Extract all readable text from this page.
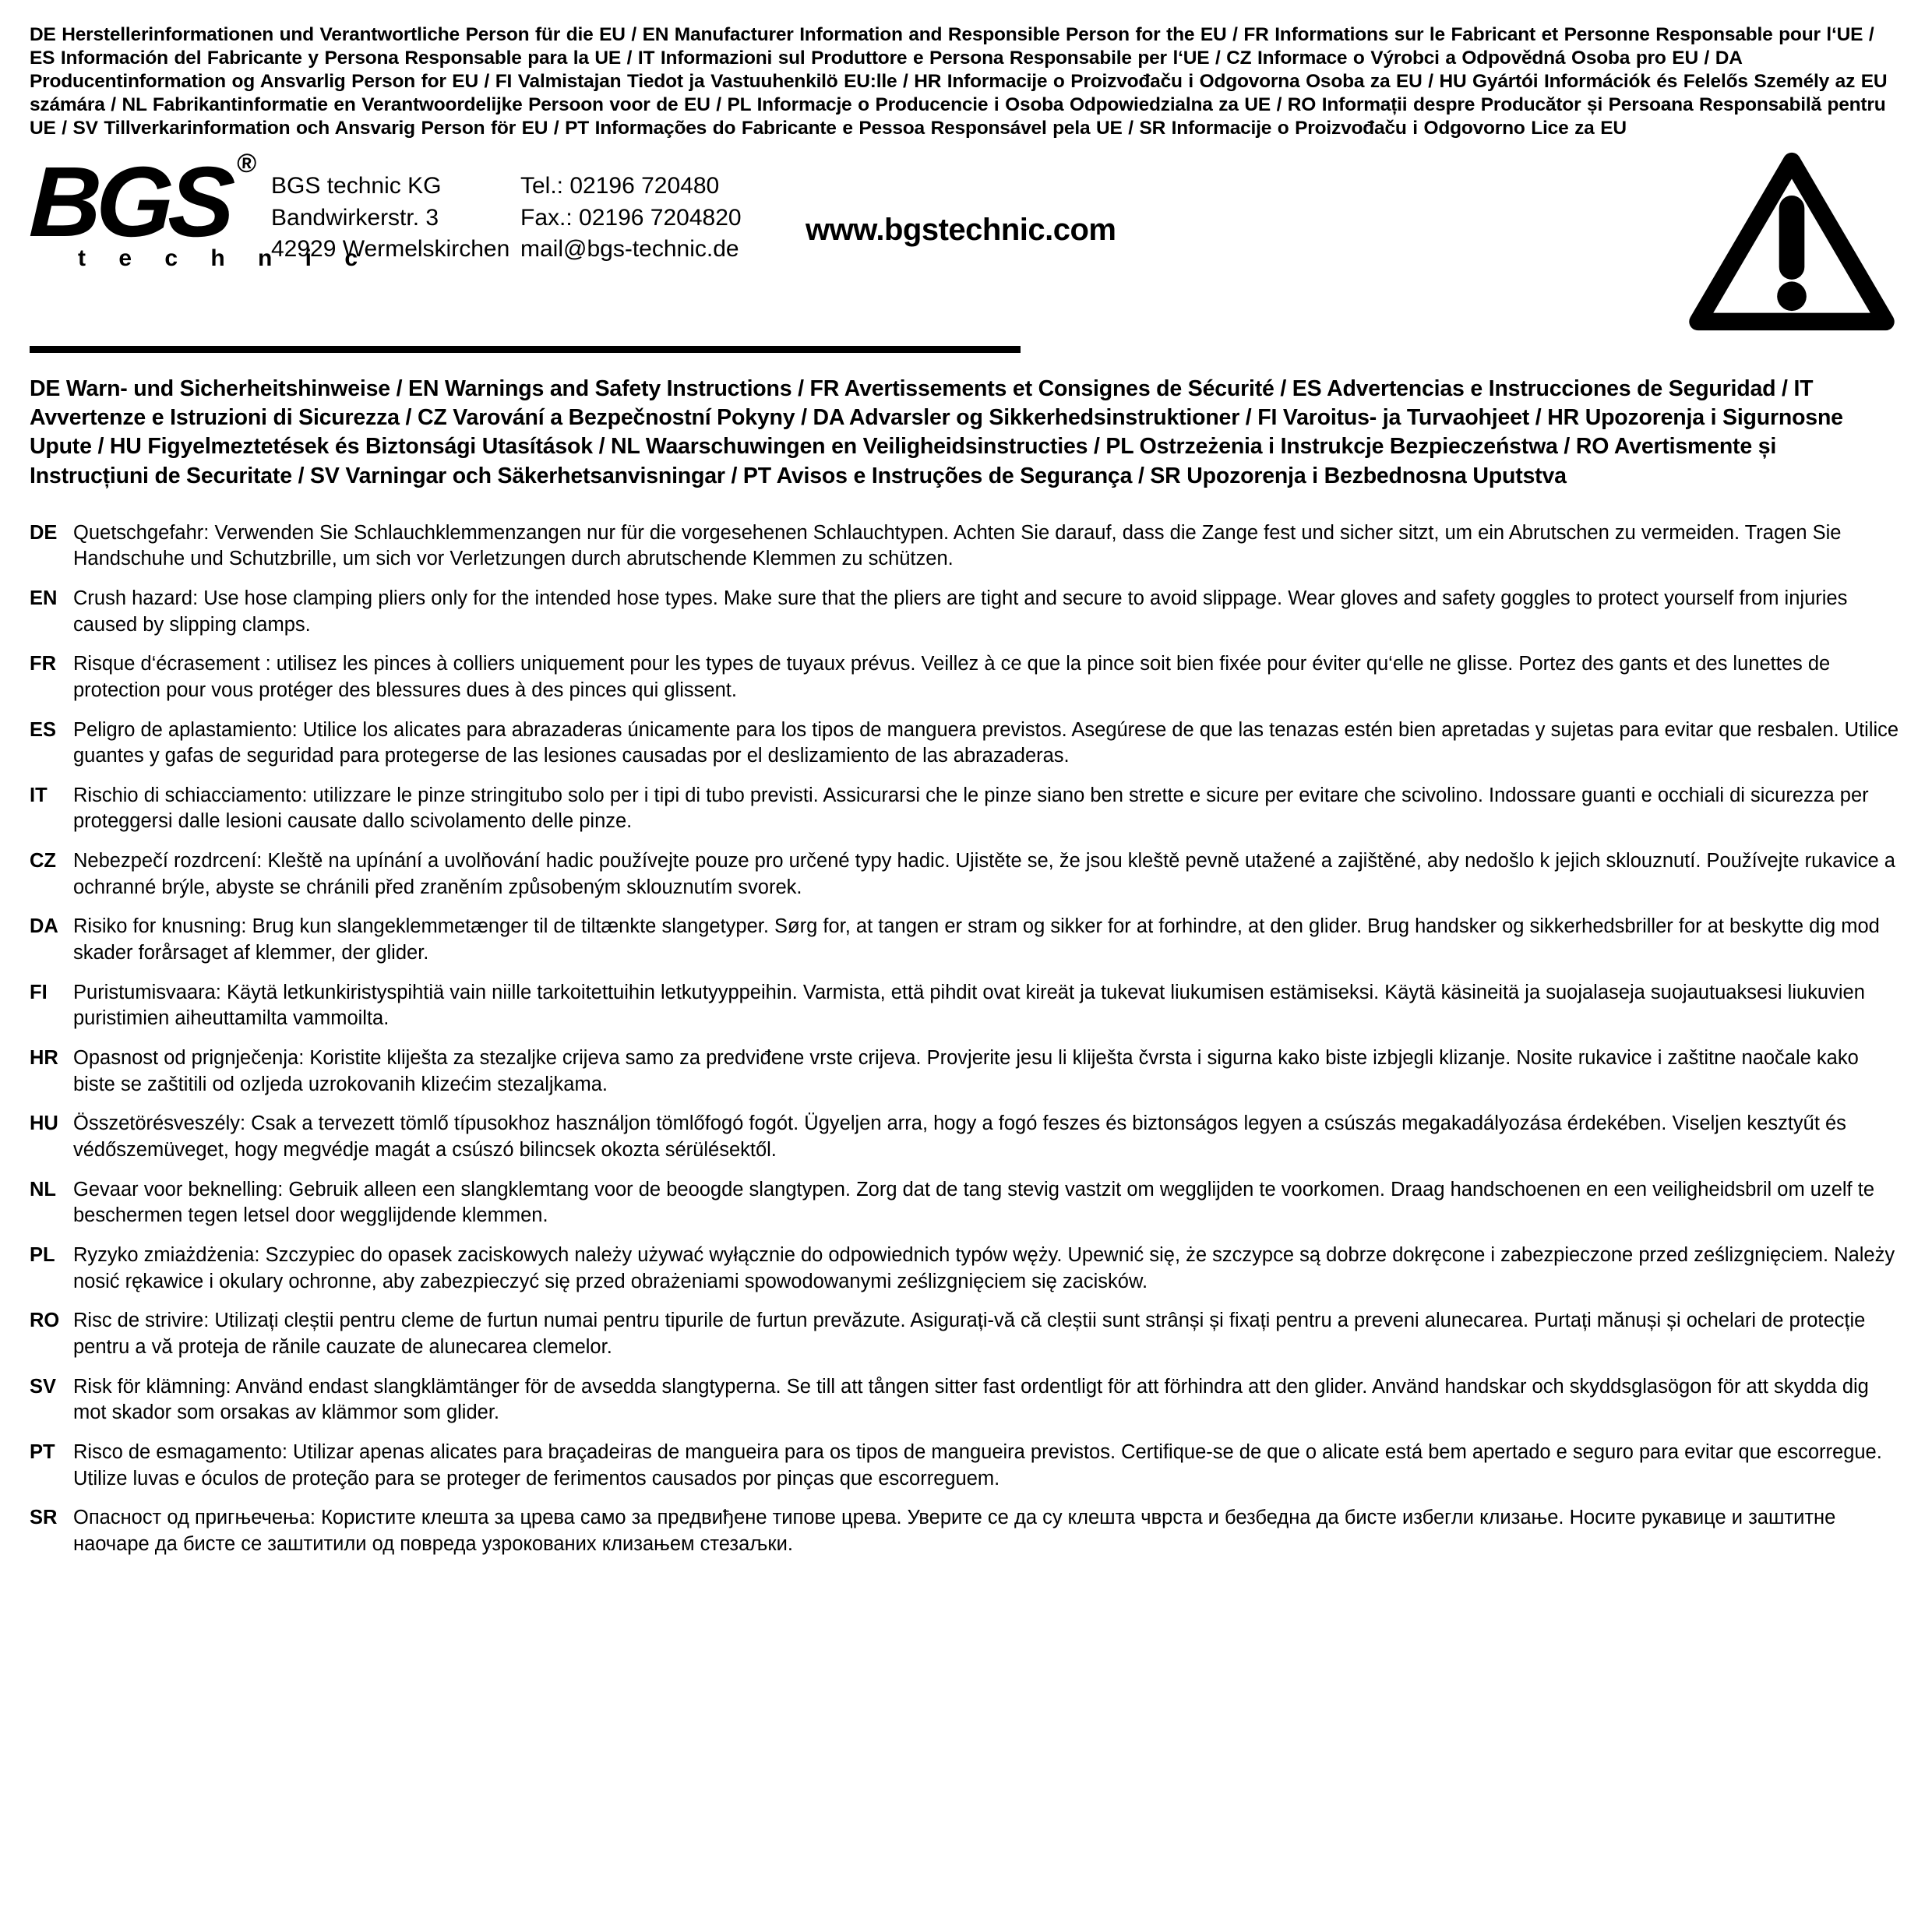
DE Herstellerinformationen und Verantwortliche Person für die EU / EN Manufacturer Information and Responsible Person for the EU / FR Informations sur le Fabricant et Personne Responsable pour l‘UE / ES Información del Fabricante y Persona Responsable para la UE / IT Informazioni sul Produttore e Persona Responsabile per l‘UE / CZ Informace o Výrobci a Odpovědná Osoba pro EU / DA Producentinformation og Ansvarlig Person for EU / FI Valmistajan Tiedot ja Vastuuhenkilö EU:lle / HR Informacije o Proizvođaču i Odgovorna Osoba za EU / HU Gyártói Információk és Felelős Személy az EU számára / NL Fabrikantinformatie en Verantwoordelijke Persoon voor de EU / PL Informacje o Producencie i Osoba Odpowiedzialna za UE / RO Informații despre Producător și Persoana Responsabilă pentru UE / SV Tillverkarinformation och Ansvarig Person för EU / PT Informações do Fabricante e Pessoa Responsável pela UE / SR Informacije o Proizvođaču i Odgovorno Lice za EU
BGS ®
t e c h n i c
BGS technic KG
Bandwirkerstr. 3
42929 Wermelskirchen
Tel.: 02196 720480
Fax.: 02196 7204820
mail@bgs-technic.de
www.bgstechnic.com
DE Warn- und Sicherheitshinweise / EN Warnings and Safety Instructions / FR Avertissements et Consignes de Sécurité / ES Advertencias e Instrucciones de Seguridad / IT Avvertenze e Istruzioni di Sicurezza / CZ Varování a Bezpečnostní Pokyny / DA Advarsler og Sikkerhedsinstruktioner / FI Varoitus- ja Turvaohjeet / HR Upozorenja i Sigurnosne Upute / HU Figyelmeztetések és Biztonsági Utasítások / NL Waarschuwingen en Veiligheidsinstructies / PL Ostrzeżenia i Instrukcje Bezpieczeństwa / RO Avertismente și Instrucțiuni de Securitate / SV Varningar och Säkerhetsanvisningar / PT Avisos e Instruções de Segurança / SR Upozorenja i Bezbednosna Uputstva
DE Quetschgefahr: Verwenden Sie Schlauchklemmenzangen nur für die vorgesehenen Schlauchtypen. Achten Sie darauf, dass die Zange fest und sicher sitzt, um ein Abrutschen zu vermeiden. Tragen Sie Handschuhe und Schutzbrille, um sich vor Verletzungen durch abrutschende Klemmen zu schützen.
EN Crush hazard: Use hose clamping pliers only for the intended hose types. Make sure that the pliers are tight and secure to avoid slippage. Wear gloves and safety goggles to protect yourself from injuries caused by slipping clamps.
FR Risque d‘écrasement : utilisez les pinces à colliers uniquement pour les types de tuyaux prévus. Veillez à ce que la pince soit bien fixée pour éviter qu‘elle ne glisse. Portez des gants et des lunettes de protection pour vous protéger des blessures dues à des pinces qui glissent.
ES Peligro de aplastamiento: Utilice los alicates para abrazaderas únicamente para los tipos de manguera previstos. Asegúrese de que las tenazas estén bien apretadas y sujetas para evitar que resbalen. Utilice guantes y gafas de seguridad para protegerse de las lesiones causadas por el deslizamiento de las abrazaderas.
IT	Rischio di schiacciamento: utilizzare le pinze stringitubo solo per i tipi di tubo previsti. Assicurarsi che le pinze siano ben strette e sicure per evitare che scivolino. Indossare guanti e occhiali di sicurezza per proteggersi dalle lesioni causate dallo scivolamento delle pinze.
CZ Nebezpečí rozdrcení: Kleště na upínání a uvolňování hadic používejte pouze pro určené typy hadic. Ujistěte se, že jsou kleště pevně utažené a zajištěné, aby nedošlo k jejich sklouznutí. Používejte rukavice a ochranné brýle, abyste se chránili před zraněním způsobeným sklouznutím svorek.
DA Risiko for knusning: Brug kun slangeklemmetænger til de tiltænkte slangetyper. Sørg for, at tangen er stram og sikker for at forhindre, at den glider. Brug handsker og sikkerhedsbriller for at beskytte dig mod skader forårsaget af klemmer, der glider.
FI	Puristumisvaara: Käytä letkunkiristyspihtiä vain niille tarkoitettuihin letkutyyppeihin. Varmista, että pihdit ovat kireät ja tukevat liukumisen estämiseksi. Käytä käsineitä ja suojalaseja suojautuaksesi liukuvien puristimien aiheuttamilta vammoilta.
HR Opasnost od prignječenja: Koristite kliješta za stezaljke crijeva samo za predviđene vrste crijeva. Provjerite jesu li kliješta čvrsta i sigurna kako biste izbjegli klizanje. Nosite rukavice i zaštitne naočale kako biste se zaštitili od ozljeda uzrokovanih klizećim stezaljkama.
HU Összetörésveszély: Csak a tervezett tömlő típusokhoz használjon tömlőfogó fogót. Ügyeljen arra, hogy a fogó feszes és biztonságos legyen a csúszás megakadályozása érdekében. Viseljen kesztyűt és védőszemüveget, hogy megvédje magát a csúszó bilincsek okozta sérülésektől.
NL Gevaar voor beknelling: Gebruik alleen een slangklemtang voor de beoogde slangtypen. Zorg dat de tang stevig vastzit om wegglijden te voorkomen. Draag handschoenen en een veiligheidsbril om uzelf te beschermen tegen letsel door wegglijdende klemmen.
PL Ryzyko zmiażdżenia: Szczypiec do opasek zaciskowych należy używać wyłącznie do odpowiednich typów węży. Upewnić się, że szczypce są dobrze dokręcone i zabezpieczone przed ześlizgnięciem. Należy nosić rękawice i okulary ochronne, aby zabezpieczyć się przed obrażeniami spowodowanymi ześlizgnięciem się zacisków.
RO Risc de strivire: Utilizați cleștii pentru cleme de furtun numai pentru tipurile de furtun prevăzute. Asigurați-vă că cleștii sunt strânși și fixați pentru a preveni alunecarea. Purtați mănuși și ochelari de protecție pentru a vă proteja de rănile cauzate de alunecarea clemelor.
SV Risk för klämning: Använd endast slangklämtänger för de avsedda slangtyperna. Se till att tången sitter fast ordentligt för att förhindra att den glider. Använd handskar och skyddsglasögon för att skydda dig mot skador som orsakas av klämmor som glider.
PT Risco de esmagamento: Utilizar apenas alicates para braçadeiras de mangueira para os tipos de mangueira previstos. Certifique-se de que o alicate está bem apertado e seguro para evitar que escorregue. Utilize luvas e óculos de proteção para se proteger de ferimentos causados por pinças que escorreguem.
SR Опасност од пригњечења: Користите клешта за црева само за предвиђене типове црева. Уверите се да су клешта чврста и безбедна да бисте избегли клизање. Носите рукавице и заштитне наочаре да бисте се заштитили од повреда узрокованих клизањем стезаљки.
